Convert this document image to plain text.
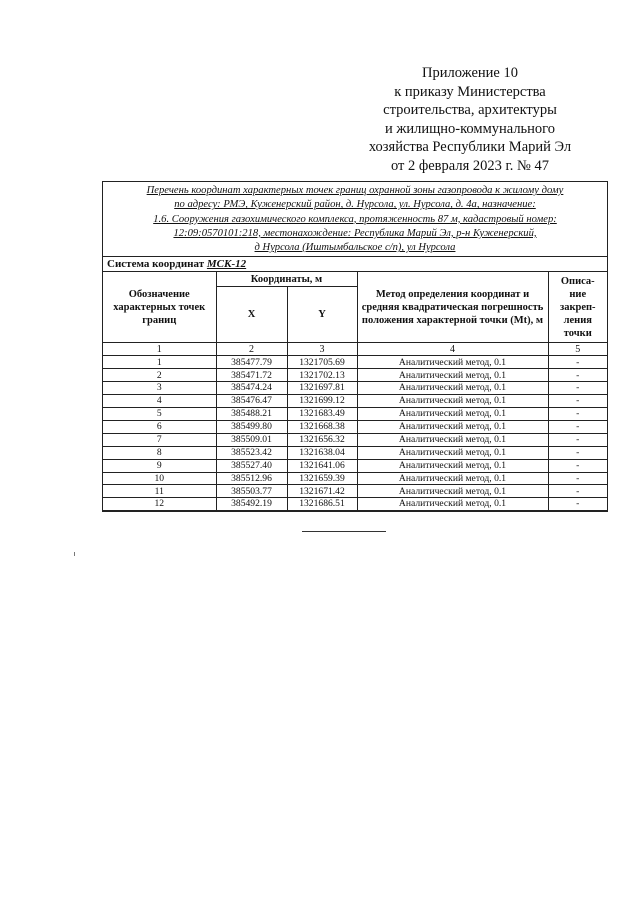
Приложение 10
к приказу Министерства
строительства, архитектуры
и жилищно-коммунального
хозяйства Республики Марий Эл
от 2 февраля 2023 г. № 47
Перечень координат характерных точек границ охранной зоны газопровода к жилому дому
по адресу: РМЭ, Куженерский район, д. Нурсола, ул. Нурсола, д. 4а, назначение:
1.6. Сооружения газохимического комплекса, протяженность 87 м, кадастровый номер:
12:09:0570101:218, местонахождение: Республика Марий Эл, р-н Куженерский,
д Нурсола (Иштымбальское с/п), ул Нурсола
Система координат МСК-12				
Обозначение характерных точек границ	Координаты, м		Метод определения координат и средняя квадратическая погрешность положения характерной точки (Mt), м	Описа-
ние
закреп-
ления
точки
	X	Y		
1	2	3	4	5
1	385477.79	1321705.69	Аналитический метод, 0.1	-
2	385471.72	1321702.13	Аналитический метод, 0.1	-
3	385474.24	1321697.81	Аналитический метод, 0.1	-
4	385476.47	1321699.12	Аналитический метод, 0.1	-
5	385488.21	1321683.49	Аналитический метод, 0.1	-
6	385499.80	1321668.38	Аналитический метод, 0.1	-
7	385509.01	1321656.32	Аналитический метод, 0.1	-
8	385523.42	1321638.04	Аналитический метод, 0.1	-
9	385527.40	1321641.06	Аналитический метод, 0.1	-
10	385512.96	1321659.39	Аналитический метод, 0.1	-
11	385503.77	1321671.42	Аналитический метод, 0.1	-
12	385492.19	1321686.51	Аналитический метод, 0.1	-
